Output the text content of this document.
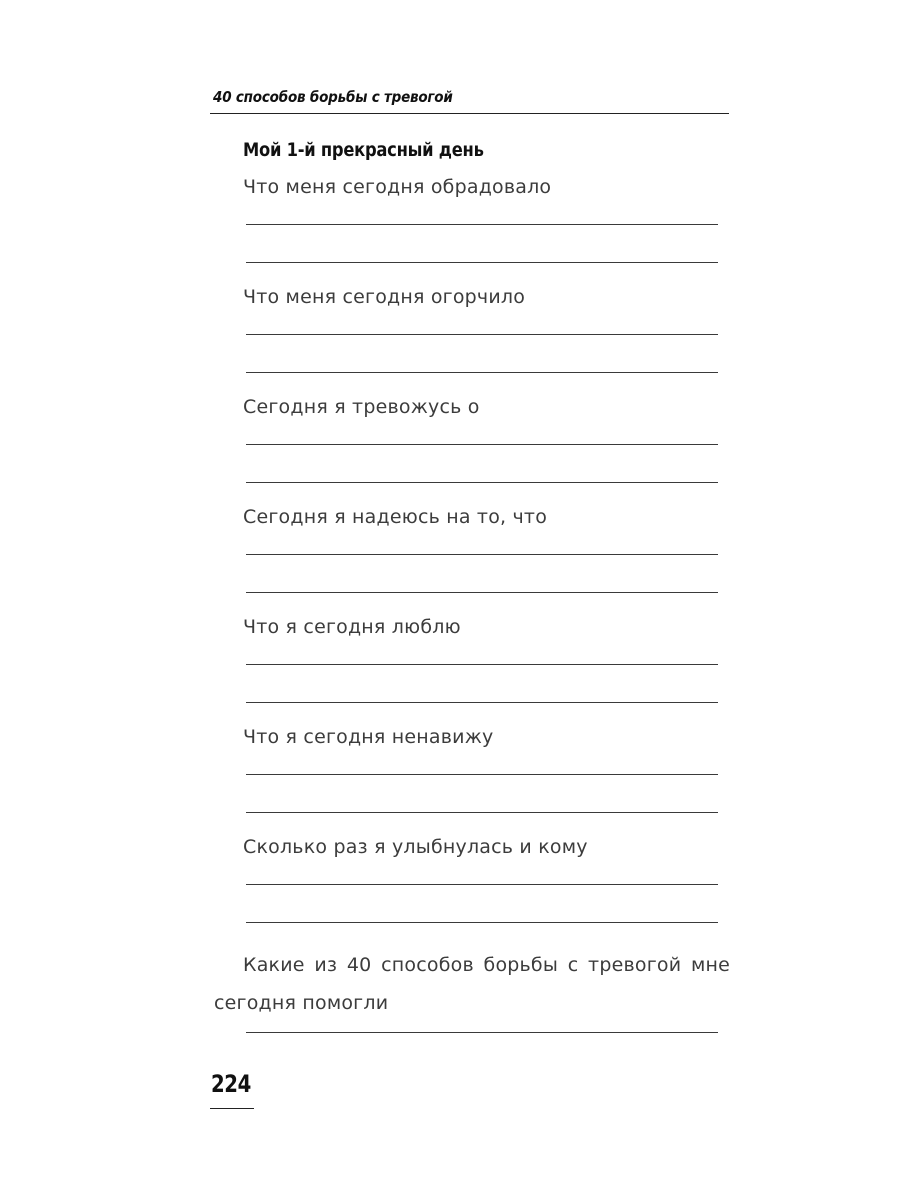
40 способов борьбы с тревогой
Мой 1-й прекрасный день
Что меня сегодня обрадовало
Что меня сегодня огорчило
Сегодня я тревожусь о
Сегодня я надеюсь на то, что
Что я сегодня люблю
Что я сегодня ненавижу
Сколько раз я улыбнулась и кому
Какие из 40 способов борьбы с тревогой мне
сегодня помогли
224
